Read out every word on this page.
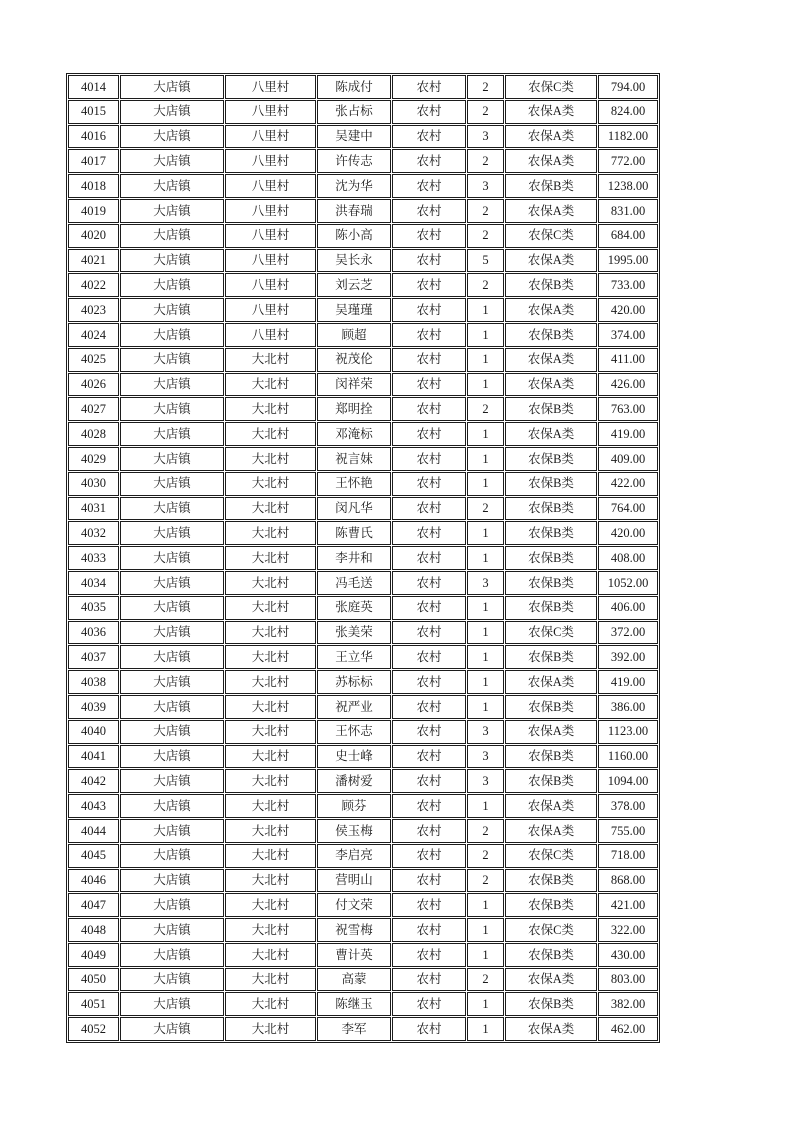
4014	大店镇	八里村	陈成付	农村	2	农保C类	794.00
4015	大店镇	八里村	张占标	农村	2	农保A类	824.00
4016	大店镇	八里村	吴建中	农村	3	农保A类	1182.00
4017	大店镇	八里村	许传志	农村	2	农保A类	772.00
4018	大店镇	八里村	沈为华	农村	3	农保B类	1238.00
4019	大店镇	八里村	洪春瑞	农村	2	农保A类	831.00
4020	大店镇	八里村	陈小高	农村	2	农保C类	684.00
4021	大店镇	八里村	吴长永	农村	5	农保A类	1995.00
4022	大店镇	八里村	刘云芝	农村	2	农保B类	733.00
4023	大店镇	八里村	吴瑾瑾	农村	1	农保A类	420.00
4024	大店镇	八里村	顾超	农村	1	农保B类	374.00
4025	大店镇	大北村	祝茂伦	农村	1	农保A类	411.00
4026	大店镇	大北村	闵祥荣	农村	1	农保A类	426.00
4027	大店镇	大北村	郑明拴	农村	2	农保B类	763.00
4028	大店镇	大北村	邓淹标	农村	1	农保A类	419.00
4029	大店镇	大北村	祝言妹	农村	1	农保B类	409.00
4030	大店镇	大北村	王怀艳	农村	1	农保B类	422.00
4031	大店镇	大北村	闵凡华	农村	2	农保B类	764.00
4032	大店镇	大北村	陈曹氏	农村	1	农保B类	420.00
4033	大店镇	大北村	李井和	农村	1	农保B类	408.00
4034	大店镇	大北村	冯毛送	农村	3	农保B类	1052.00
4035	大店镇	大北村	张庭英	农村	1	农保B类	406.00
4036	大店镇	大北村	张美荣	农村	1	农保C类	372.00
4037	大店镇	大北村	王立华	农村	1	农保B类	392.00
4038	大店镇	大北村	苏标标	农村	1	农保A类	419.00
4039	大店镇	大北村	祝严业	农村	1	农保B类	386.00
4040	大店镇	大北村	王怀志	农村	3	农保A类	1123.00
4041	大店镇	大北村	史士峰	农村	3	农保B类	1160.00
4042	大店镇	大北村	潘树爱	农村	3	农保B类	1094.00
4043	大店镇	大北村	顾芬	农村	1	农保A类	378.00
4044	大店镇	大北村	侯玉梅	农村	2	农保A类	755.00
4045	大店镇	大北村	李启亮	农村	2	农保C类	718.00
4046	大店镇	大北村	营明山	农村	2	农保B类	868.00
4047	大店镇	大北村	付文荣	农村	1	农保B类	421.00
4048	大店镇	大北村	祝雪梅	农村	1	农保C类	322.00
4049	大店镇	大北村	曹计英	农村	1	农保B类	430.00
4050	大店镇	大北村	高蒙	农村	2	农保A类	803.00
4051	大店镇	大北村	陈继玉	农村	1	农保B类	382.00
4052	大店镇	大北村	李军	农村	1	农保A类	462.00
